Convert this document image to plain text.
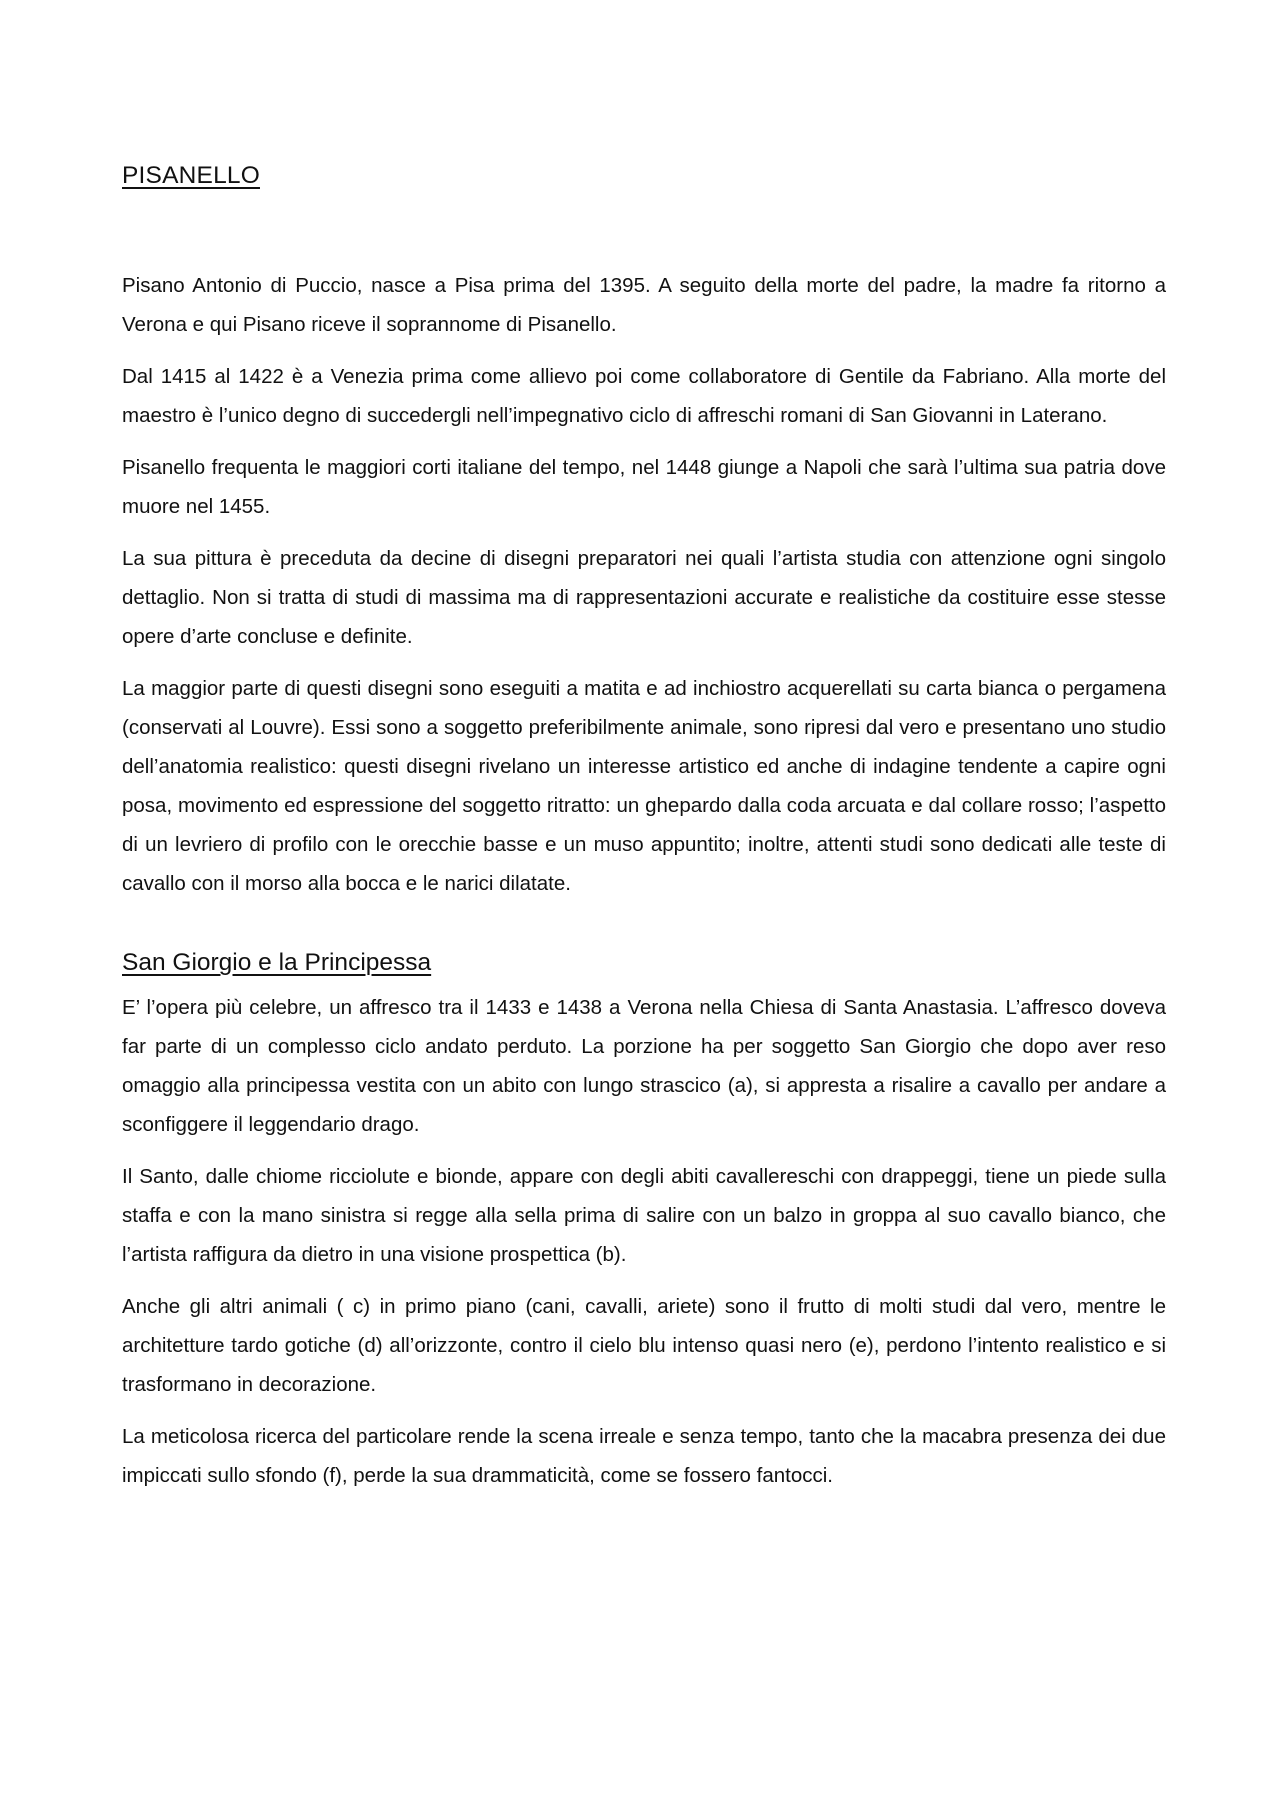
PISANELLO

Pisano Antonio di Puccio, nasce a Pisa prima del 1395. A seguito della morte del padre, la madre fa ritorno a Verona e qui Pisano riceve il soprannome di Pisanello.

Dal 1415 al 1422 è a Venezia prima come allievo poi come collaboratore di Gentile da Fabriano. Alla morte del maestro è l’unico degno di succedergli nell’impegnativo ciclo di affreschi romani di San Giovanni in Laterano.

Pisanello frequenta le maggiori corti italiane del tempo, nel 1448 giunge a Napoli che sarà l’ultima sua patria dove muore nel 1455.

La sua pittura è preceduta da decine di disegni preparatori nei quali l’artista studia con attenzione ogni singolo dettaglio. Non si tratta di studi di massima ma di rappresentazioni accurate e realistiche da costituire esse stesse opere d’arte concluse e definite.

La maggior parte di questi disegni sono eseguiti a matita e ad inchiostro acquerellati su carta bianca o pergamena (conservati al Louvre). Essi sono a soggetto preferibilmente animale, sono ripresi dal vero e presentano uno studio dell’anatomia realistico: questi disegni rivelano un interesse artistico ed anche di indagine tendente a capire ogni posa, movimento ed espressione del soggetto ritratto: un ghepardo dalla coda arcuata e dal collare rosso; l’aspetto di un levriero di profilo con le orecchie basse e un muso appuntito; inoltre, attenti studi sono dedicati alle teste di cavallo con il morso alla bocca e le narici dilatate.

San Giorgio e la Principessa

E’ l’opera più celebre, un affresco tra il 1433 e 1438 a Verona nella Chiesa di Santa Anastasia. L’affresco doveva far parte di un complesso ciclo andato perduto. La porzione ha per soggetto San Giorgio che dopo aver reso omaggio alla principessa vestita con un abito con lungo strascico (a), si appresta a risalire a cavallo per andare a sconfiggere il leggendario drago.

Il Santo, dalle chiome ricciolute e bionde, appare con degli abiti cavallereschi con drappeggi, tiene un piede sulla staffa e con la mano sinistra si regge alla sella prima di salire con un balzo in groppa al suo cavallo bianco, che l’artista raffigura da dietro in una visione prospettica (b).

Anche gli altri animali ( c) in primo piano (cani, cavalli, ariete) sono il frutto di molti studi dal vero, mentre le architetture tardo gotiche (d) all’orizzonte, contro il cielo blu intenso quasi nero (e), perdono l’intento realistico e si trasformano in decorazione.

La meticolosa ricerca del particolare rende la scena irreale e senza tempo, tanto che la macabra presenza dei due impiccati sullo sfondo (f), perde la sua drammaticità, come se fossero fantocci.
